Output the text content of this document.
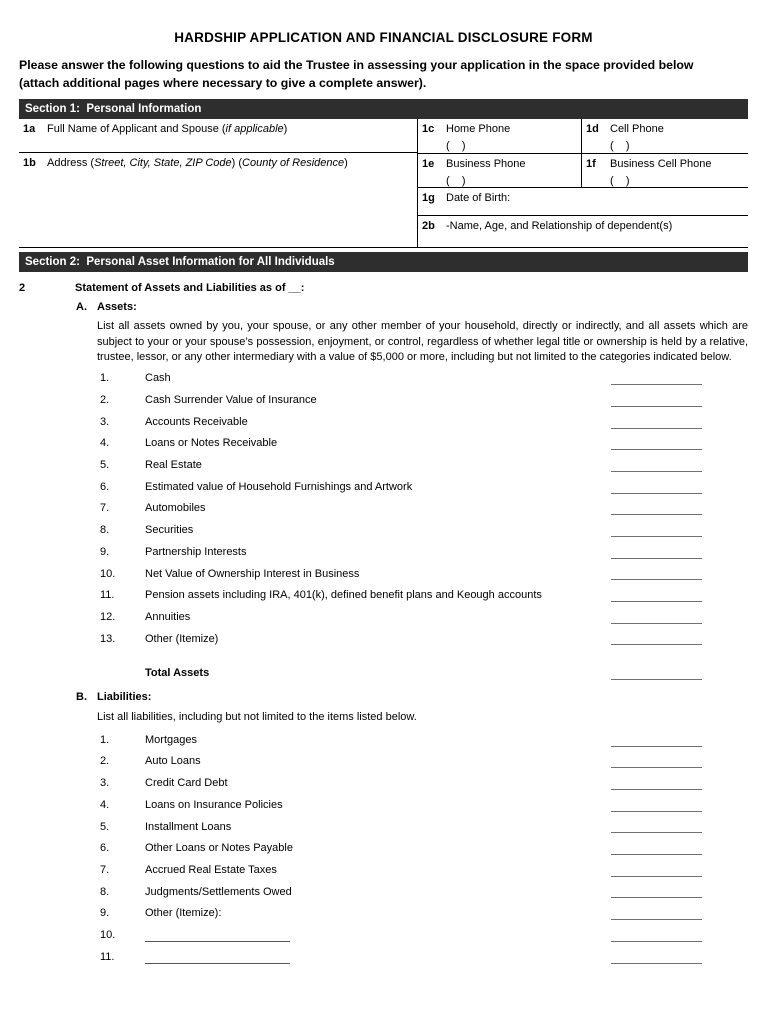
HARDSHIP APPLICATION AND FINANCIAL DISCLOSURE FORM
Please answer the following questions to aid the Trustee in assessing your application in the space provided below
(attach additional pages where necessary to give a complete answer).
Section 1:  Personal Information
1a Full Name of Applicant and Spouse (if applicable)
1b Address (Street, City, State, ZIP Code) (County of Residence)
1c Home Phone
(    )
1d Cell Phone
(    )
1e Business Phone
(    )
1f Business Cell Phone
(    )
1g Date of Birth:
2b -Name, Age, and Relationship of dependent(s)
Section 2:  Personal Asset Information for All Individuals
2	Statement of Assets and Liabilities as of __:
A. Assets:

List all assets owned by you, your spouse, or any other member of your household, directly or indirectly, and all assets which are subject to your or your spouse’s possession, enjoyment, or control, regardless of whether legal title or ownership is held by a relative, trustee, lessor, or any other intermediary with a value of $5,000 or more, including but not limited to the categories indicated below.

1.	Cash
2.	Cash Surrender Value of Insurance
3.	Accounts Receivable
4.	Loans or Notes Receivable
5.	Real Estate
6.	Estimated value of Household Furnishings and Artwork
7.	Automobiles
8.	Securities
9.	Partnership Interests
10.	Net Value of Ownership Interest in Business
11.	Pension assets including IRA, 401(k), defined benefit plans and Keough accounts
12.	Annuities
13.	Other (Itemize)
Total Assets
B. Liabilities:

List all liabilities, including but not limited to the items listed below.

1.	Mortgages
2.	Auto Loans
3.	Credit Card Debt
4.	Loans on Insurance Policies
5.	Installment Loans
6.	Other Loans or Notes Payable
7.	Accrued Real Estate Taxes
8.	Judgments/Settlements Owed
9.	Other (Itemize):
10.
11.
